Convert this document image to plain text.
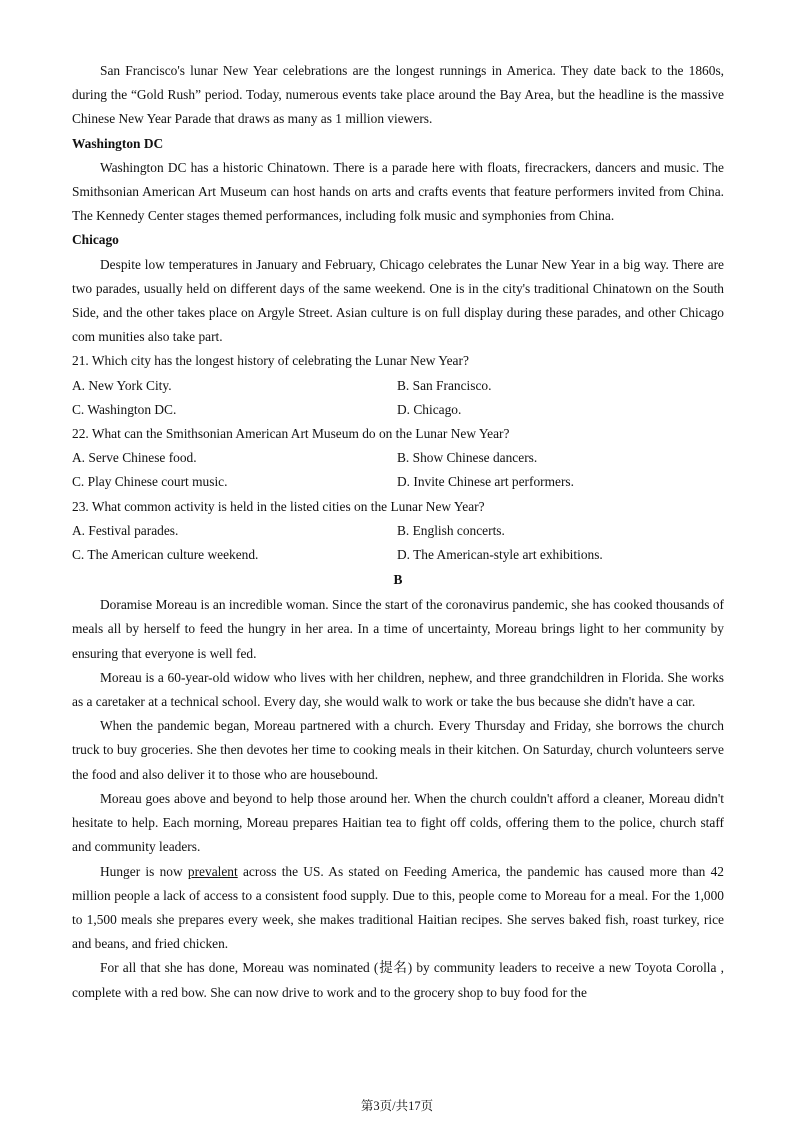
San Francisco's lunar New Year celebrations are the longest runnings in America. They date back to the 1860s, during the “Gold Rush” period. Today, numerous events take place around the Bay Area, but the headline is the massive Chinese New Year Parade that draws as many as 1 million viewers.

Washington DC

Washington DC has a historic Chinatown. There is a parade here with floats, firecrackers, dancers and music. The Smithsonian American Art Museum can host hands on arts and crafts events that feature performers invited from China. The Kennedy Center stages themed performances, including folk music and symphonies from China.

Chicago

Despite low temperatures in January and February, Chicago celebrates the Lunar New Year in a big way. There are two parades, usually held on different days of the same weekend. One is in the city's traditional Chinatown on the South Side, and the other takes place on Argyle Street. Asian culture is on full display during these parades, and other Chicago com munities also take part.

21. Which city has the longest history of celebrating the Lunar New Year?

A. New York City.	B. San Francisco.
C. Washington DC.	D. Chicago.

22. What can the Smithsonian American Art Museum do on the Lunar New Year?

A. Serve Chinese food.	B. Show Chinese dancers.
C. Play Chinese court music.	D. Invite Chinese art performers.

23. What common activity is held in the listed cities on the Lunar New Year?

A. Festival parades.	B. English concerts.
C. The American culture weekend.	D. The American-style art exhibitions.

B

Doramise Moreau is an incredible woman. Since the start of the coronavirus pandemic, she has cooked thousands of meals all by herself to feed the hungry in her area. In a time of uncertainty, Moreau brings light to her community by ensuring that everyone is well fed.

Moreau is a 60-year-old widow who lives with her children, nephew, and three grandchildren in Florida. She works as a caretaker at a technical school. Every day, she would walk to work or take the bus because she didn't have a car.

When the pandemic began, Moreau partnered with a church. Every Thursday and Friday, she borrows the church truck to buy groceries. She then devotes her time to cooking meals in their kitchen. On Saturday, church volunteers serve the food and also deliver it to those who are housebound.

Moreau goes above and beyond to help those around her. When the church couldn't afford a cleaner, Moreau didn't hesitate to help. Each morning, Moreau prepares Haitian tea to fight off colds, offering them to the police, church staff and community leaders.

Hunger is now prevalent across the US. As stated on Feeding America, the pandemic has caused more than 42 million people a lack of access to a consistent food supply. Due to this, people come to Moreau for a meal. For the 1,000 to 1,500 meals she prepares every week, she makes traditional Haitian recipes. She serves baked fish, roast turkey, rice and beans, and fried chicken.

For all that she has done, Moreau was nominated (提名) by community leaders to receive a new Toyota Corolla , complete with a red bow. She can now drive to work and to the grocery shop to buy food for the

第3页/共17页
